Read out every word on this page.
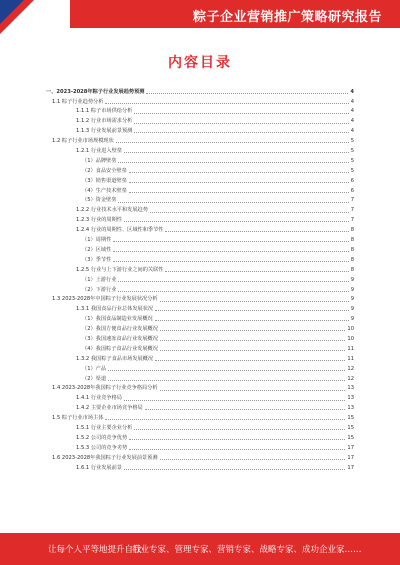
粽子企业营销推广策略研究报告
内容目录
一、2023-2028年粽子行业发展趋势预测	4
1.1 粽子行业趋势分析	4
1.1.1 粽子市场供给分析	4
1.1.2 行业市场需求分析	4
1.1.3 行业发展前景预测	4
1.2 粽子行业市场规模现状	5
1.2.1 行业进入壁垒	5
（1）品牌壁垒	5
（2）食品安全壁垒	5
（3）销售渠道壁垒	6
（4）生产技术壁垒	6
（5）资金壁垒	7
1.2.2 行业技术水平和发展趋势	7
1.2.3 行业的周期性	7
1.2.4 行业的周期性、区域性和季节性	8
（1）周期性	8
（2）区域性	8
（3）季节性	8
1.2.5 行业与上下游行业之间的关联性	8
（1）上游行业	9
（2）下游行业	9
1.3 2023-2028年中国粽子行业发展状况分析	9
1.3.1 我国食品行业总体发展状况	9
（1）我国食品制造业发展概况	9
（2）我国方便食品行业发展概况	10
（3）我国速冻食品行业发展概况	10
（4）我国粽子食品行业发展概况	11
1.3.2 我国粽子食品市场发展概况	11
（1）产品	12
（2）渠道	12
1.4 2023-2028年我国粽子行业竞争格局分析	13
1.4.1 行业竞争格局	13
1.4.2 主要企业市场竞争格局	13
1.5 粽子行业市场主体	15
1.5.1 行业主要企业分析	15
1.5.2 公司的竞争优势	15
1.5.3 公司的竞争劣势	17
1.6 2023-2028年我国粽子行业发展前景预测	17
1.6.1 行业发展前景	17
让每个人平等地提升自我
行业专家、管理专家、营销专家、战略专家、成功企业家……
